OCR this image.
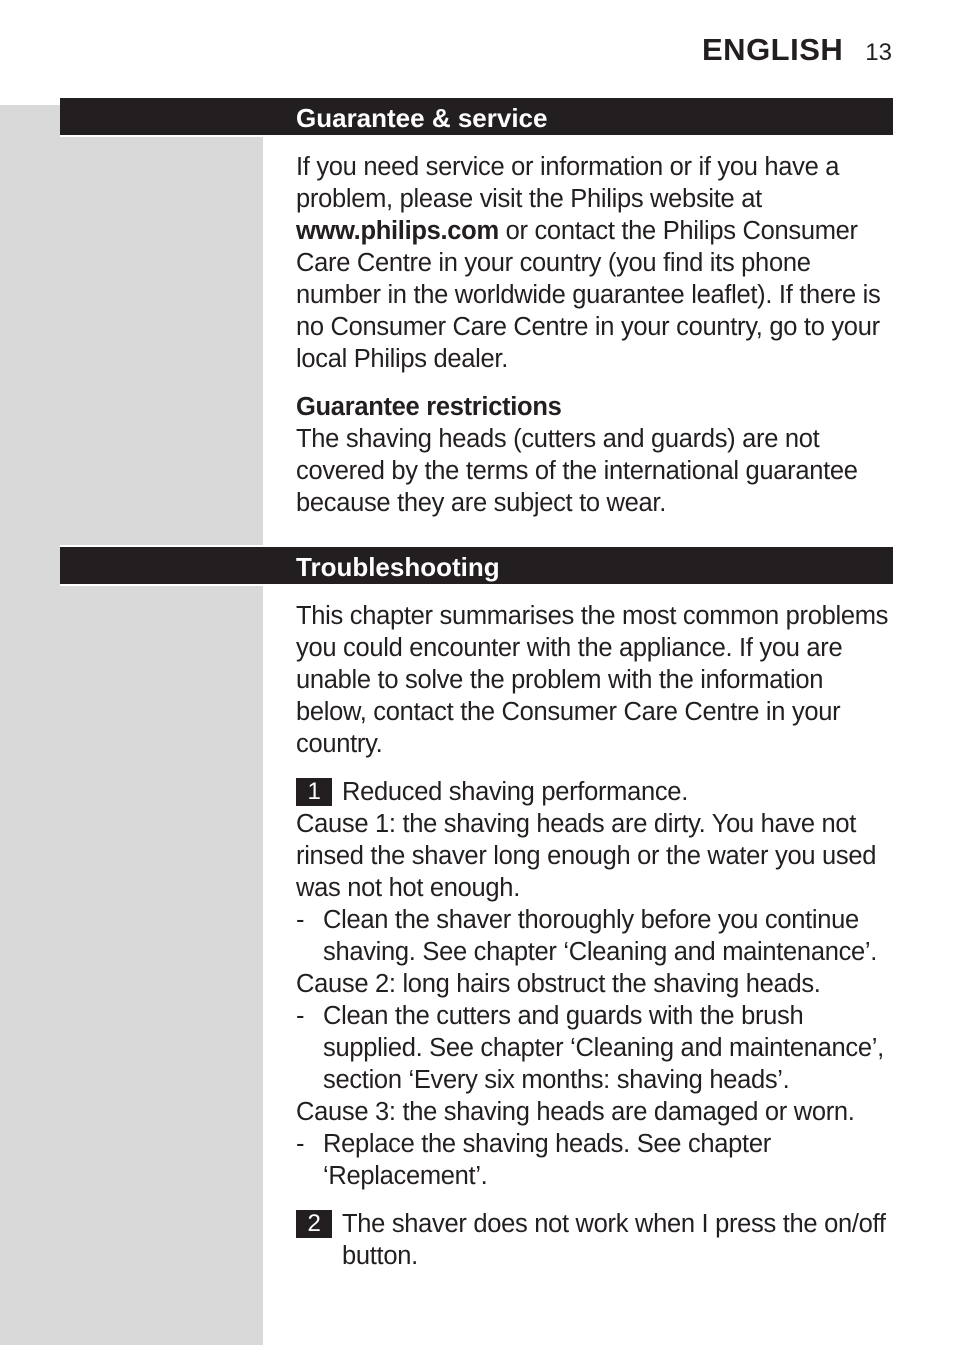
ENGLISH 13
Guarantee & service

If you need service or information or if you have a problem, please visit the Philips website at www.philips.com or contact the Philips Consumer Care Centre in your country (you find its phone number in the worldwide guarantee leaflet). If there is no Consumer Care Centre in your country, go to your local Philips dealer.

Guarantee restrictions

The shaving heads (cutters and guards) are not covered by the terms of the international guarantee because they are subject to wear.

Troubleshooting

This chapter summarises the most common problems you could encounter with the appliance. If you are unable to solve the problem with the information below, contact the Consumer Care Centre in your country.

1 Reduced shaving performance.

Cause 1: the shaving heads are dirty. You have not rinsed the shaver long enough or the water you used was not hot enough.

- Clean the shaver thoroughly before you continue shaving. See chapter ‘Cleaning and maintenance’.

Cause 2: long hairs obstruct the shaving heads.

- Clean the cutters and guards with the brush supplied. See chapter ‘Cleaning and maintenance’, section ‘Every six months: shaving heads’.

Cause 3: the shaving heads are damaged or worn.

- Replace the shaving heads. See chapter ‘Replacement’.
2 The shaver does not work when I press the on/off button.
